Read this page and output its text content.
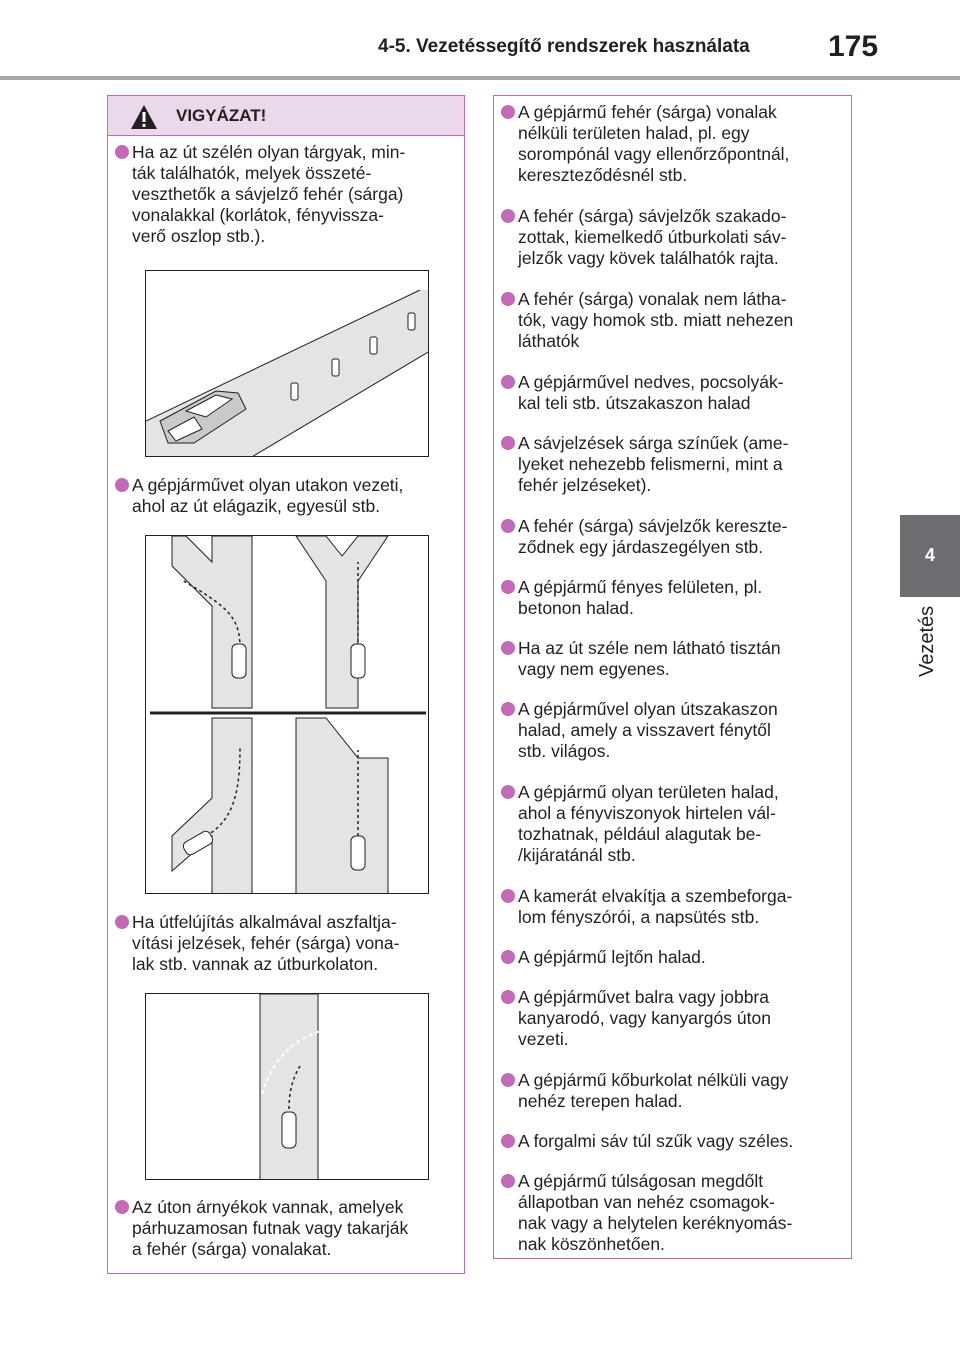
4-5. Vezetéssegítő rendszerek használata	175
4
Vezetés
VIGYÁZAT!
Ha az út szélén olyan tárgyak, min-
ták találhatók, melyek összeté-
veszthetők a sávjelző fehér (sárga)
vonalakkal (korlátok, fényvissza-
verő oszlop stb.).
A gépjárművet olyan utakon vezeti,
ahol az út elágazik, egyesül stb.
Ha útfelújítás alkalmával aszfaltja-
vítási jelzések, fehér (sárga) vona-
lak stb. vannak az útburkolaton.
Az úton árnyékok vannak, amelyek
párhuzamosan futnak vagy takarják
a fehér (sárga) vonalakat.
A gépjármű fehér (sárga) vonalak
nélküli területen halad, pl. egy
sorompónál vagy ellenőrzőpontnál,
kereszteződésnél stb.
A fehér (sárga) sávjelzők szakado-
zottak, kiemelkedő útburkolati sáv-
jelzők vagy kövek találhatók rajta.
A fehér (sárga) vonalak nem látha-
tók, vagy homok stb. miatt nehezen
láthatók
A gépjárművel nedves, pocsolyák-
kal teli stb. útszakaszon halad
A sávjelzések sárga színűek (ame-
lyeket nehezebb felismerni, mint a
fehér jelzéseket).
A fehér (sárga) sávjelzők kereszte-
ződnek egy járdaszegélyen stb.
A gépjármű fényes felületen, pl.
betonon halad.
Ha az út széle nem látható tisztán
vagy nem egyenes.
A gépjárművel olyan útszakaszon
halad, amely a visszavert fénytől
stb. világos.
A gépjármű olyan területen halad,
ahol a fényviszonyok hirtelen vál-
tozhatnak, például alagutak be-
/kijáratánál stb.
A kamerát elvakítja a szembeforga-
lom fényszórói, a napsütés stb.
A gépjármű lejtőn halad.
A gépjárművet balra vagy jobbra
kanyarodó, vagy kanyargós úton
vezeti.
A gépjármű kőburkolat nélküli vagy
nehéz terepen halad.
A forgalmi sáv túl szűk vagy széles.
A gépjármű túlságosan megdőlt
állapotban van nehéz csomagok-
nak vagy a helytelen keréknyomás-
nak köszönhetően.
